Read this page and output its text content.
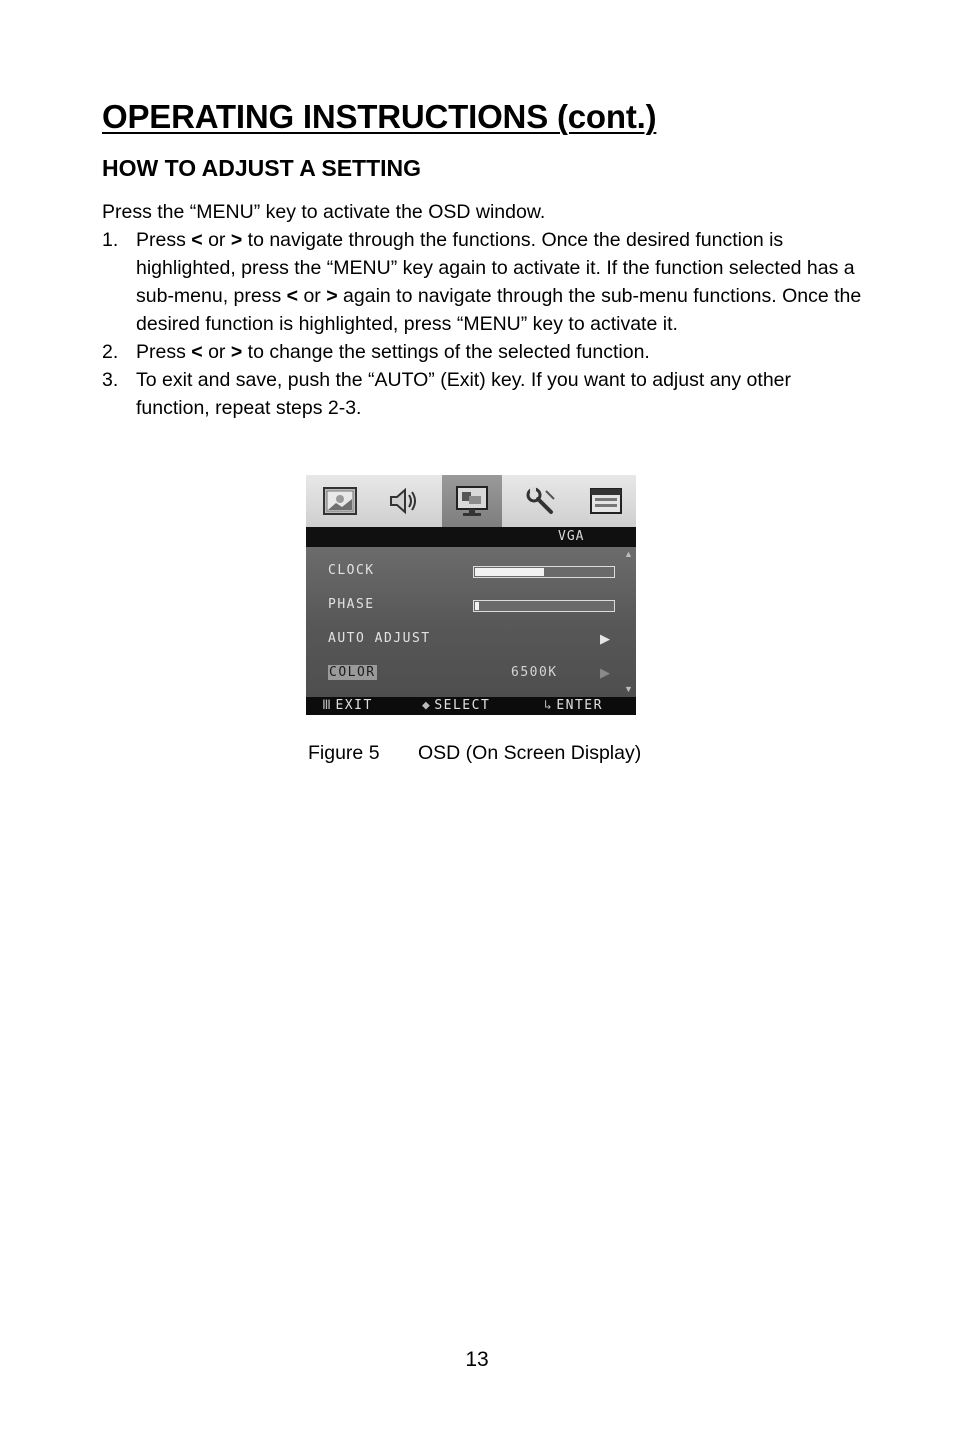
OPERATING INSTRUCTIONS (cont.)
HOW TO ADJUST A SETTING

Press the “MENU” key to activate the OSD window.

1. Press < or > to navigate through the functions. Once the desired function is highlighted, press the “MENU” key again to activate it. If the function selected has a sub-menu, press < or > again to navigate through the sub-menu functions. Once the desired function is highlighted, press “MENU” key to activate it.
2. Press < or > to change the settings of the selected function.
3. To exit and save, push the “AUTO” (Exit) key. If you want to adjust any other function, repeat steps 2-3.
VGA
▲
▼
CLOCK
PHASE
AUTO ADJUST	▶
COLOR	6500K	▶
Ⅲ EXIT	◆ SELECT	↳ ENTER
Figure 5 OSD (On Screen Display)
13
